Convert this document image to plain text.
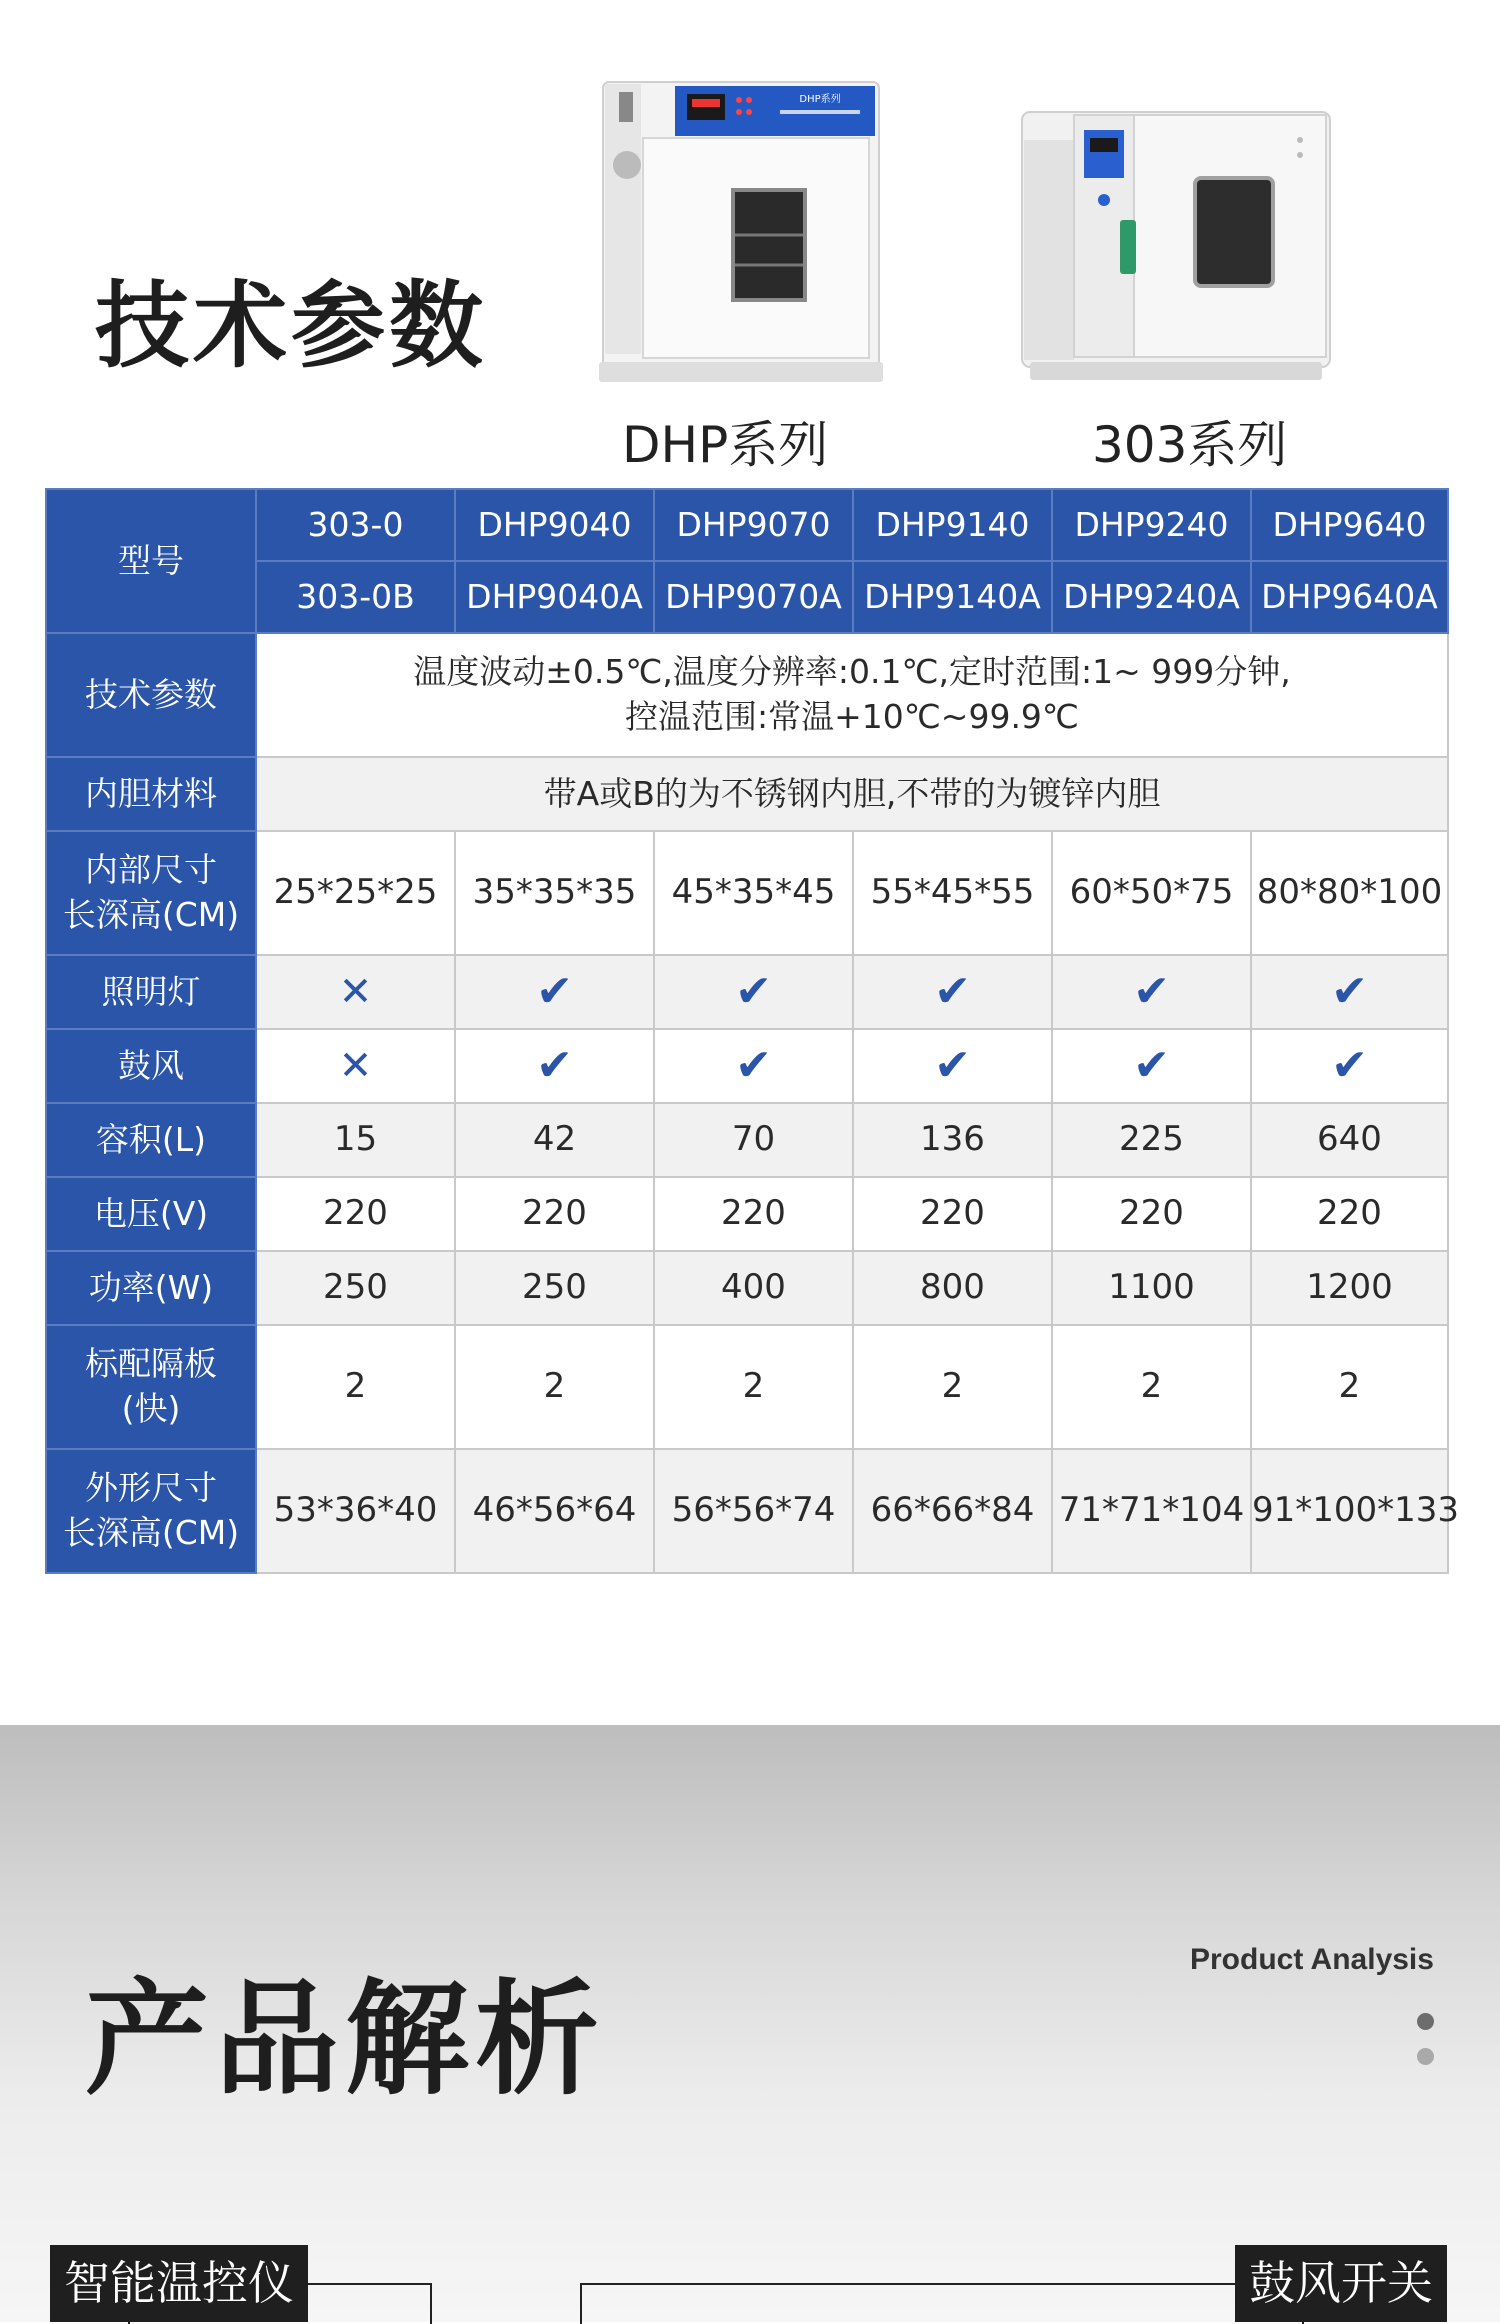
技术参数
DHP系列
DHP系列	303系列
型号	303-0	DHP9040	DHP9070	DHP9140	DHP9240	DHP9640
	303-0B	DHP9040A	DHP9070A	DHP9140A	DHP9240A	DHP9640A
技术参数	温度波动±0.5℃,温度分辨率:0.1℃,定时范围:1~ 999分钟,
控温范围:常温+10℃~99.9℃					

内胆材料	带A或B的为不锈钢内胆,不带的为镀锌内胆					

内部尺寸
长深高(CM)	25*25*25	35*35*35	45*35*45	55*45*55	60*50*75	80*80*100
照明灯	✕	✔	✔	✔	✔	✔
鼓风	✕	✔	✔	✔	✔	✔
容积(L)	15	42	70	136	225	640
电压(V)	220	220	220	220	220	220
功率(W)	250	250	400	800	1100	1200

标配隔板
(快)	2	2	2	2	2	2

外形尺寸
长深高(CM)	53*36*40	46*56*64	56*56*74	66*66*84	71*71*104	91*100*133
产品解析
Product Analysis
智能温控仪	鼓风开关
